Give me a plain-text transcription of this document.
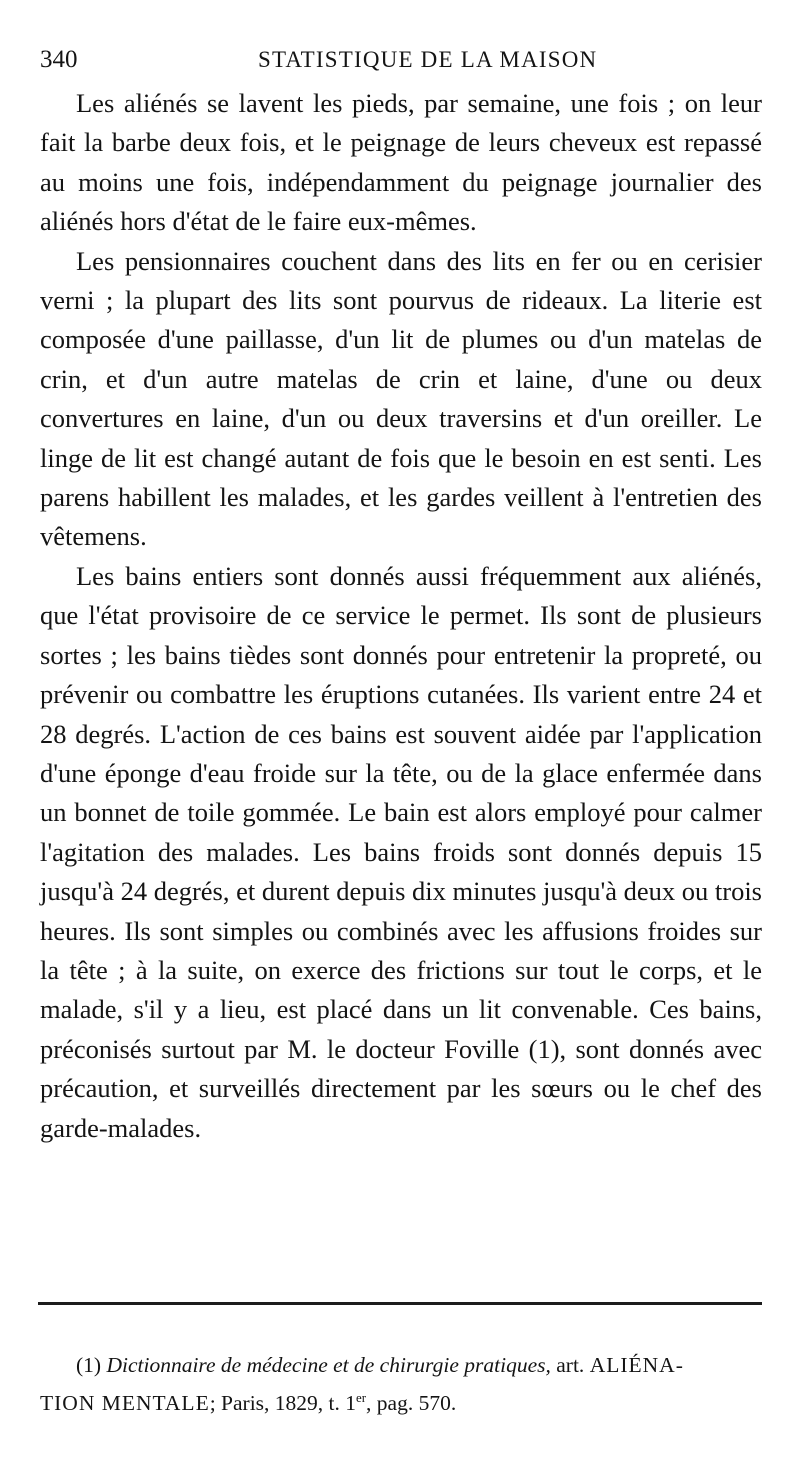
340	STATISTIQUE DE LA MAISON

Les aliénés se lavent les pieds, par semaine, une fois ; on leur fait la barbe deux fois, et le peignage de leurs cheveux est repassé au moins une fois, indépendamment du peignage journalier des aliénés hors d'état de le faire eux-mêmes.

Les pensionnaires couchent dans des lits en fer ou en cerisier verni ; la plupart des lits sont pourvus de rideaux. La literie est composée d'une paillasse, d'un lit de plumes ou d'un matelas de crin, et d'un autre matelas de crin et laine, d'une ou deux convertures en laine, d'un ou deux traversins et d'un oreiller. Le linge de lit est changé autant de fois que le besoin en est senti. Les parens habillent les malades, et les gardes veillent à l'entretien des vêtemens.

Les bains entiers sont donnés aussi fréquemment aux aliénés, que l'état provisoire de ce service le permet. Ils sont de plusieurs sortes ; les bains tièdes sont donnés pour entretenir la propreté, ou prévenir ou combattre les éruptions cutanées. Ils varient entre 24 et 28 degrés. L'action de ces bains est souvent aidée par l'application d'une éponge d'eau froide sur la tête, ou de la glace enfermée dans un bonnet de toile gommée. Le bain est alors employé pour calmer l'agitation des malades. Les bains froids sont donnés depuis 15 jusqu'à 24 degrés, et durent depuis dix minutes jusqu'à deux ou trois heures. Ils sont simples ou combinés avec les affusions froides sur la tête ; à la suite, on exerce des frictions sur tout le corps, et le malade, s'il y a lieu, est placé dans un lit convenable. Ces bains, préconisés surtout par M. le docteur Foville (1), sont donnés avec précaution, et surveillés directement par les sœurs ou le chef des garde-malades.

(1) Dictionnaire de médecine et de chirurgie pratiques, art. ALIÉNA-
TION MENTALE; Paris, 1829, t. 1er, pag. 570.
